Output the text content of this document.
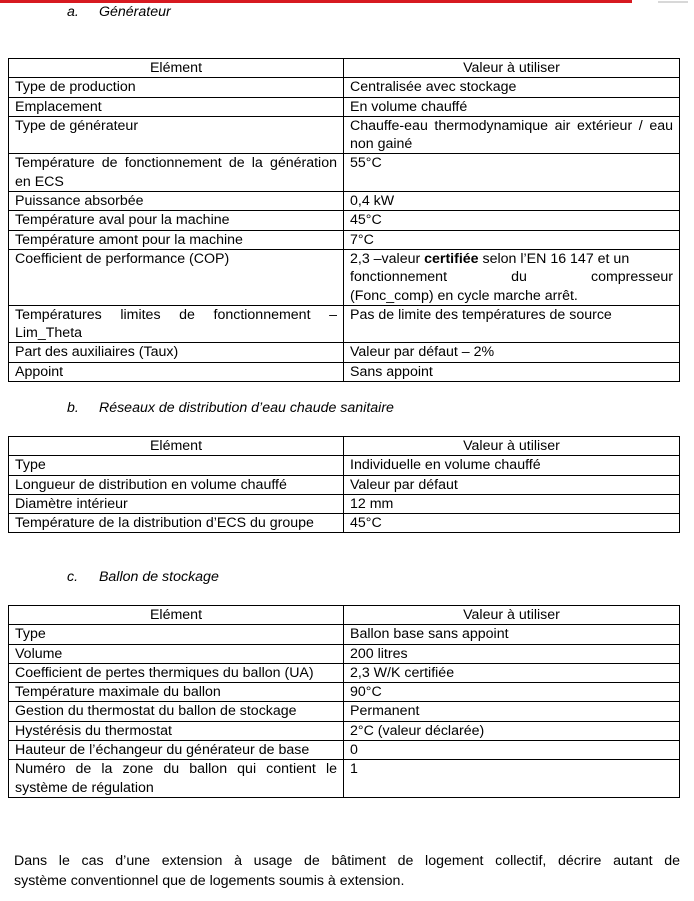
a. Générateur
Elément	Valeur à utiliser
Type de production	Centralisée avec stockage
Emplacement	En volume chauffé
Type de générateur	Chauffe-eau thermodynamique air extérieur / eau non gainé
Température de fonctionnement de la génération en ECS	55°C
Puissance absorbée	0,4 kW
Température aval pour la machine	45°C
Température amont pour la machine	7°C
Coefficient de performance (COP)	2,3 –valeur certifiée selon l’EN 16 147 et un
fonctionnement du compresseur
(Fonc_comp) en cycle marche arrêt.

Températures limites de fonctionnement – Lim_Theta	Pas de limite des températures de source
Part des auxiliaires (Taux)	Valeur par défaut – 2%
Appoint	Sans appoint
b. Réseaux de distribution d’eau chaude sanitaire
Elément	Valeur à utiliser
Type	Individuelle en volume chauffé
Longueur de distribution en volume chauffé	Valeur par défaut
Diamètre intérieur	12 mm
Température de la distribution d’ECS du groupe	45°C
c. Ballon de stockage
Elément	Valeur à utiliser
Type	Ballon base sans appoint
Volume	200 litres
Coefficient de pertes thermiques du ballon (UA)	2,3 W/K certifiée
Température maximale du ballon	90°C
Gestion du thermostat du ballon de stockage	Permanent
Hystérésis du thermostat	2°C (valeur déclarée)
Hauteur de l’échangeur du générateur de base	0
Numéro de la zone du ballon qui contient le système de régulation	1
Dans le cas d’une extension à usage de bâtiment de logement collectif, décrire autant de
système conventionnel que de logements soumis à extension.
